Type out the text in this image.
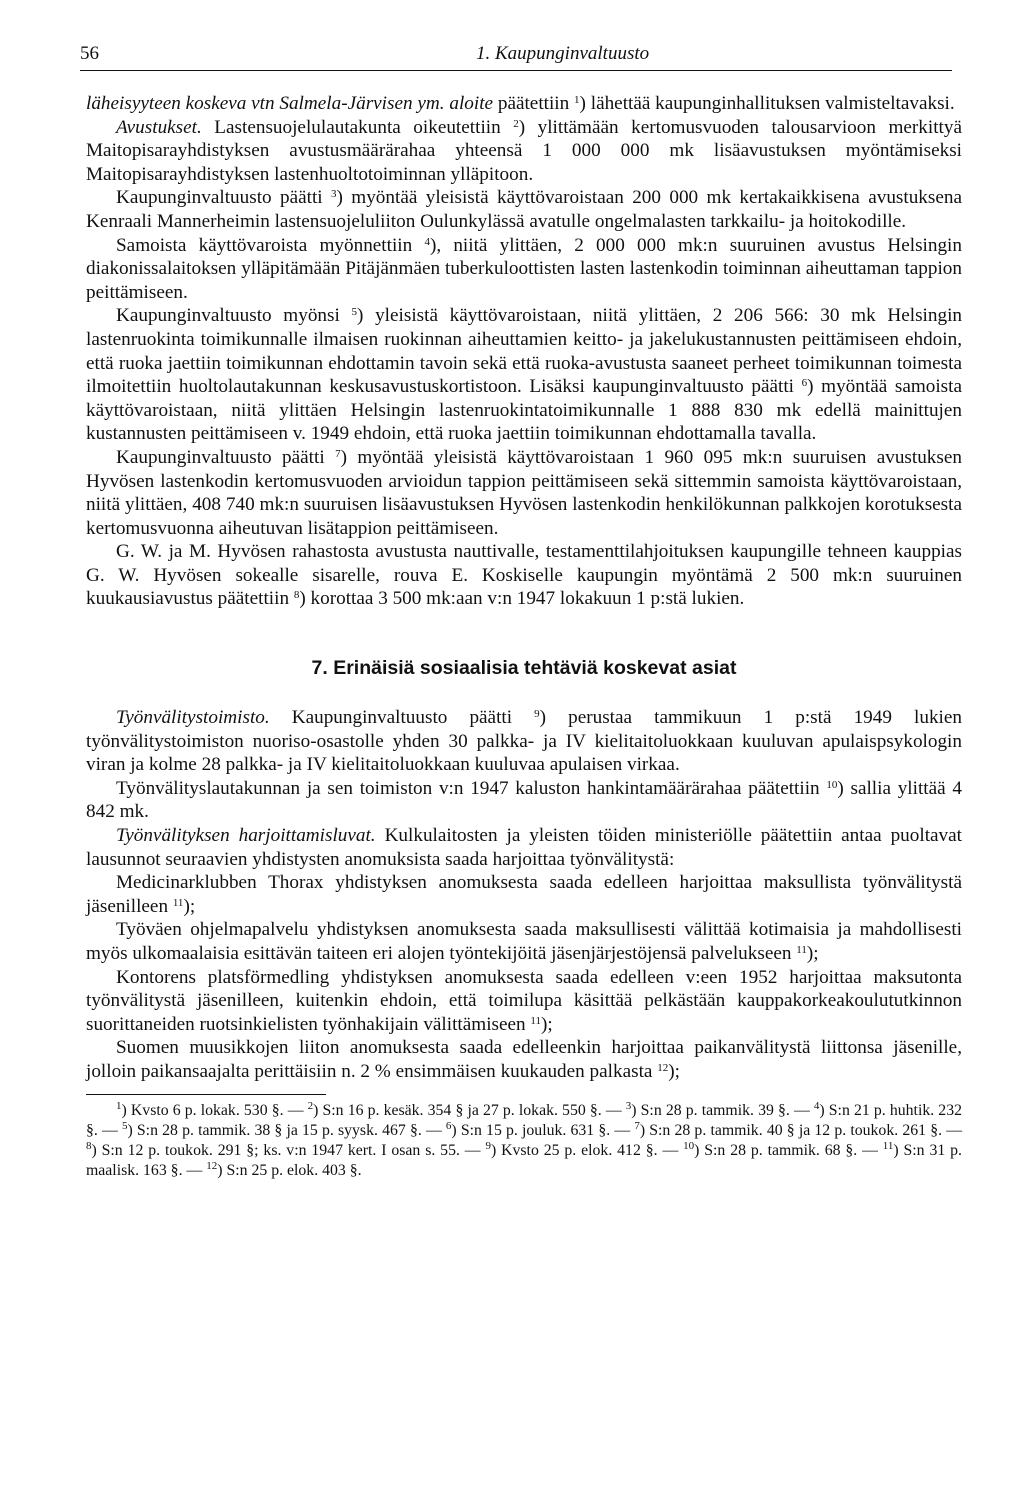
56	1. Kaupunginvaltuusto

läheisyyteen koskeva vtn Salmela-Järvisen ym. aloite päätettiin $^1$) lähettää kaupunginhallituksen valmisteltavaksi.

Avustukset. Lastensuojelulautakunta oikeutettiin $^2$) ylittämään kertomusvuoden talousarvioon merkittyä Maitopisarayhdistyksen avustusmäärärahaa yhteensä 1 000 000 mk lisäavustuksen myöntämiseksi Maitopisarayhdistyksen lastenhuoltotoiminnan ylläpitoon.

Kaupunginvaltuusto päätti $^3$) myöntää yleisistä käyttövaroistaan 200 000 mk kertakaikkisena avustuksena Kenraali Mannerheimin lastensuojeluliiton Oulunkylässä avatulle ongelmalasten tarkkailu- ja hoitokodille.

Samoista käyttövaroista myönnettiin $^4$), niitä ylittäen, 2 000 000 mk:n suuruinen avustus Helsingin diakonissalaitoksen ylläpitämään Pitäjänmäen tuberkuloottisten lasten lastenkodin toiminnan aiheuttaman tappion peittämiseen.

Kaupunginvaltuusto myönsi $^5$) yleisistä käyttövaroistaan, niitä ylittäen, 2 206 566: 30 mk Helsingin lastenruokinta toimikunnalle ilmaisen ruokinnan aiheuttamien keitto- ja jakelukustannusten peittämiseen ehdoin, että ruoka jaettiin toimikunnan ehdottamin tavoin sekä että ruoka-avustusta saaneet perheet toimikunnan toimesta ilmoitettiin huoltolautakunnan keskusavustuskortistoon. Lisäksi kaupunginvaltuusto päätti $^6$) myöntää samoista käyttövaroistaan, niitä ylittäen Helsingin lastenruokintatoimikunnalle 1 888 830 mk edellä mainittujen kustannusten peittämiseen v. 1949 ehdoin, että ruoka jaettiin toimikunnan ehdottamalla tavalla.

Kaupunginvaltuusto päätti $^7$) myöntää yleisistä käyttövaroistaan 1 960 095 mk:n suuruisen avustuksen Hyvösen lastenkodin kertomusvuoden arvioidun tappion peittämiseen sekä sittemmin samoista käyttövaroistaan, niitä ylittäen, 408 740 mk:n suuruisen lisäavustuksen Hyvösen lastenkodin henkilökunnan palkkojen korotuksesta kertomusvuonna aiheutuvan lisätappion peittämiseen.

G. W. ja M. Hyvösen rahastosta avustusta nauttivalle, testamenttilahjoituksen kaupungille tehneen kauppias G. W. Hyvösen sokealle sisarelle, rouva E. Koskiselle kaupungin myöntämä 2 500 mk:n suuruinen kuukausiavustus päätettiin $^8$) korottaa 3 500 mk:aan v:n 1947 lokakuun 1 p:stä lukien.

7. Erinäisiä sosiaalisia tehtäviä koskevat asiat

Työnvälitystoimisto. Kaupunginvaltuusto päätti $^9$) perustaa tammikuun 1 p:stä 1949 lukien työnvälitystoimiston nuoriso-osastolle yhden 30 palkka- ja IV kielitaitoluokkaan kuuluvan apulaispsykologin viran ja kolme 28 palkka- ja IV kielitaitoluokkaan kuuluvaa apulaisen virkaa.

Työnvälityslautakunnan ja sen toimiston v:n 1947 kaluston hankintamäärärahaa päätettiin $^{10}$) sallia ylittää 4 842 mk.

Työnvälityksen harjoittamisluvat. Kulkulaitosten ja yleisten töiden ministeriölle päätettiin antaa puoltavat lausunnot seuraavien yhdistysten anomuksista saada harjoittaa työnvälitystä:

Medicinarklubben Thorax yhdistyksen anomuksesta saada edelleen harjoittaa maksullista työnvälitystä jäsenilleen $^{11}$);

Työväen ohjelmapalvelu yhdistyksen anomuksesta saada maksullisesti välittää kotimaisia ja mahdollisesti myös ulkomaalaisia esittävän taiteen eri alojen työntekijöitä jäsenjärjestöjensä palvelukseen $^{11}$);

Kontorens platsförmedling yhdistyksen anomuksesta saada edelleen v:een 1952 harjoittaa maksutonta työnvälitystä jäsenilleen, kuitenkin ehdoin, että toimilupa käsittää pelkästään kauppakorkeakoulututkinnon suorittaneiden ruotsinkielisten työnhakijain välittämiseen $^{11}$);

Suomen muusikkojen liiton anomuksesta saada edelleenkin harjoittaa paikanvälitystä liittonsa jäsenille, jolloin paikansaajalta perittäisiin n. 2 % ensimmäisen kuukauden palkasta $^{12}$);

$^1$) Kvsto 6 p. lokak. 530 §. — $^2$) S:n 16 p. kesäk. 354 § ja 27 p. lokak. 550 §. — $^3$) S:n 28 p. tammik. 39 §. — $^4$) S:n 21 p. huhtik. 232 §. — $^5$) S:n 28 p. tammik. 38 § ja 15 p. syysk. 467 §. — $^6$) S:n 15 p. jouluk. 631 §. — $^7$) S:n 28 p. tammik. 40 § ja 12 p. toukok. 261 §. — $^8$) S:n 12 p. toukok. 291 §; ks. v:n 1947 kert. I osan s. 55. — $^9$) Kvsto 25 p. elok. 412 §. — $^{10}$) S:n 28 p. tammik. 68 §. — $^{11}$) S:n 31 p. maalisk. 163 §. — $^{12}$) S:n 25 p. elok. 403 §.
